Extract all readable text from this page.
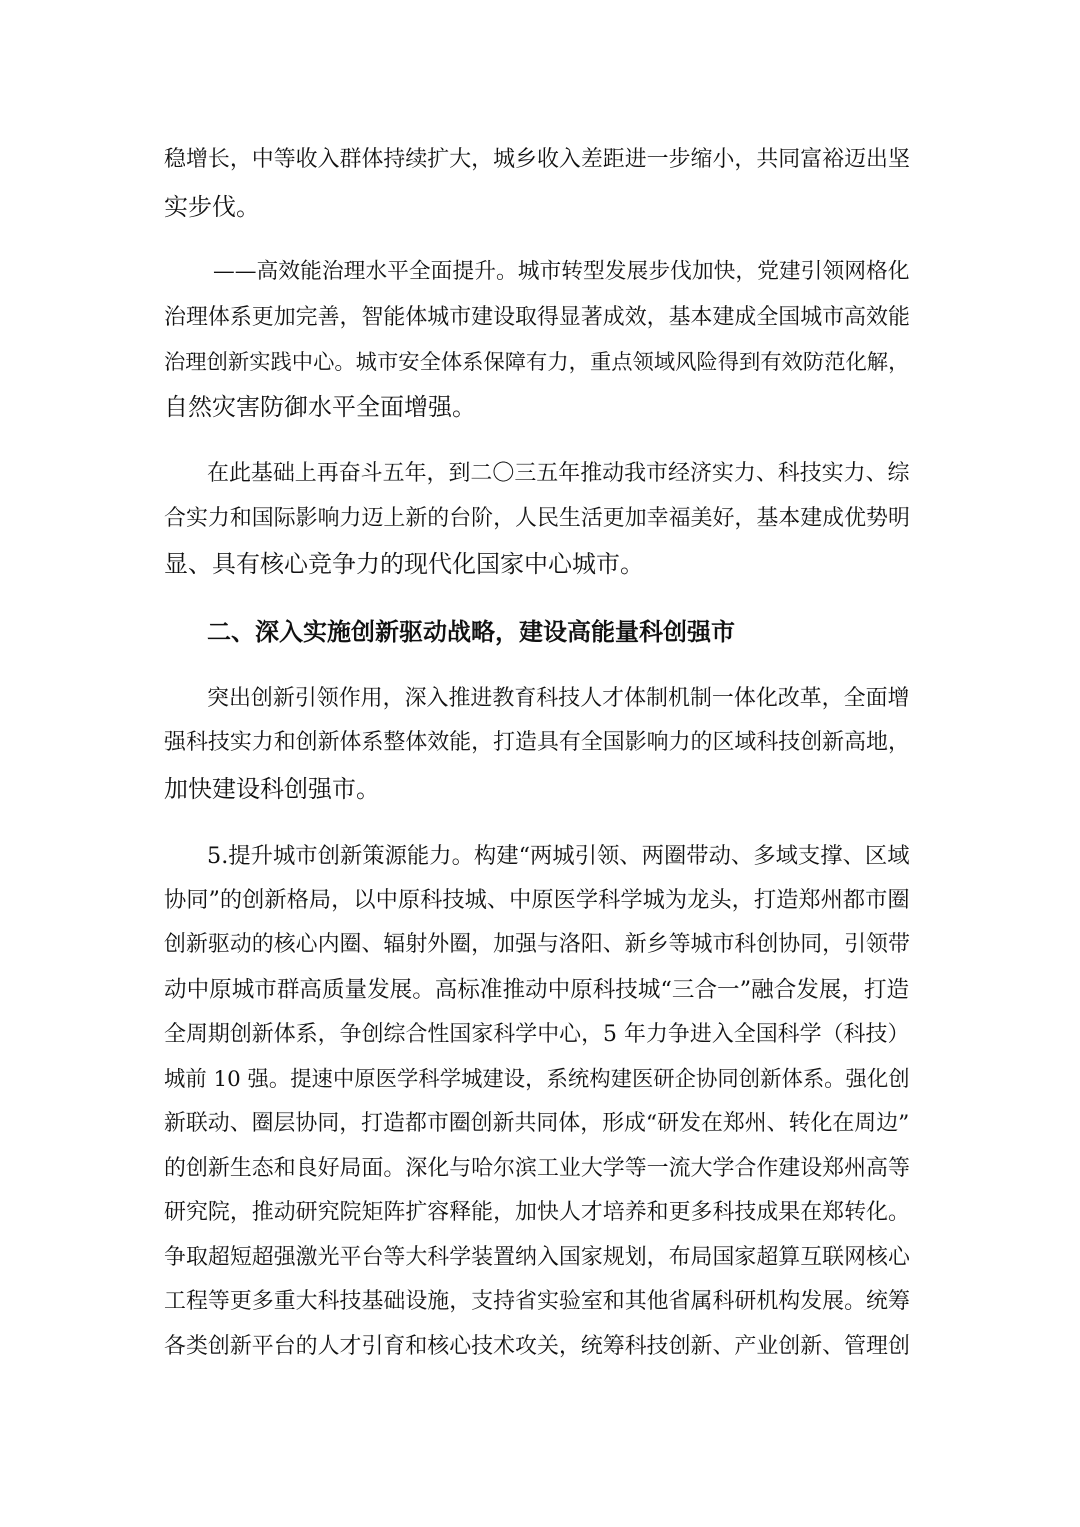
稳增长，中等收入群体持续扩大，城乡收入差距进一步缩小，共同富裕迈出坚
实步伐。
——高效能治理水平全面提升。城市转型发展步伐加快，党建引领网格化
治理体系更加完善，智能体城市建设取得显著成效，基本建成全国城市高效能
治理创新实践中心。城市安全体系保障有力，重点领域风险得到有效防范化解，
自然灾害防御水平全面增强。
在此基础上再奋斗五年，到二〇三五年推动我市经济实力、科技实力、综
合实力和国际影响力迈上新的台阶，人民生活更加幸福美好，基本建成优势明
显、具有核心竞争力的现代化国家中心城市。
二、深入实施创新驱动战略，建设高能量科创强市
突出创新引领作用，深入推进教育科技人才体制机制一体化改革，全面增
强科技实力和创新体系整体效能，打造具有全国影响力的区域科技创新高地，
加快建设科创强市。
5.提升城市创新策源能力。构建“两城引领、两圈带动、多域支撑、区域
协同”的创新格局，以中原科技城、中原医学科学城为龙头，打造郑州都市圈
创新驱动的核心内圈、辐射外圈，加强与洛阳、新乡等城市科创协同，引领带
动中原城市群高质量发展。高标准推动中原科技城“三合一”融合发展，打造
全周期创新体系，争创综合性国家科学中心，5 年力争进入全国科学（科技）
城前 10 强。提速中原医学科学城建设，系统构建医研企协同创新体系。强化创
新联动、圈层协同，打造都市圈创新共同体，形成“研发在郑州、转化在周边”
的创新生态和良好局面。深化与哈尔滨工业大学等一流大学合作建设郑州高等
研究院，推动研究院矩阵扩容释能，加快人才培养和更多科技成果在郑转化。
争取超短超强激光平台等大科学装置纳入国家规划，布局国家超算互联网核心
工程等更多重大科技基础设施，支持省实验室和其他省属科研机构发展。统筹
各类创新平台的人才引育和核心技术攻关，统筹科技创新、产业创新、管理创
